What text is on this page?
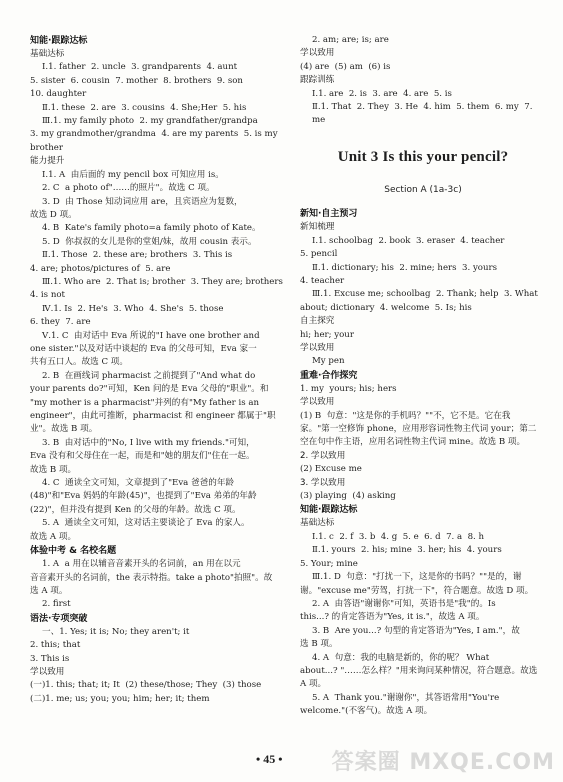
知能·跟踪达标
基础达标
Ⅰ.1. father  2. uncle  3. grandparents  4. aunt
5. sister  6. cousin  7. mother  8. brothers  9. son
10. daughter
Ⅱ.1. these  2. are  3. cousins  4. She;Her  5. his
Ⅲ.1. my family photo  2. my grandfather/grandpa
3. my grandmother/grandma  4. are my parents  5. is my
brother
能力提升
Ⅰ.1. A  由后面的 my pencil box 可知应用 is。
2. C  a photo of"……的照片"。故选 C 项。
3. D  由 Those 知动词应用 are，且宾语应为复数，
故选 D 项。
4. B  Kate's family photo=a family photo of Kate。
5. D  你叔叔的女儿是你的堂姐/妹，故用 cousin 表示。
Ⅱ.1. Those  2. these are; brothers  3. This is
4. are; photos/pictures of  5. are
Ⅲ.1. Who are  2. That is; brother  3. They are; brothers
4. is not
Ⅳ.1. Is  2. He's  3. Who  4. She's  5. those
6. they  7. are
Ⅴ.1. C  由对话中 Eva 所说的"I have one brother and
one sister."以及对话中谈起的 Eva 的父母可知，Eva 家一
共有五口人。故选 C 项。
2. B  在画线词 pharmacist 之前提到了"And what do
your parents do?"可知，Ken 问的是 Eva 父母的"职业"。和
"my mother is a pharmacist"并列的有"My father is an
engineer"，由此可推断，pharmacist 和 engineer 都属于"职
业"。故选 B 项。
3. B  由对话中的"No, I live with my friends."可知，
Eva 没有和父母住在一起，而是和"她的朋友们"住在一起。
故选 B 项。
4. C  通读全文可知，文章提到了"Eva 爸爸的年龄
(48)"和"Eva 妈妈的年龄(45)"，也提到了"Eva 弟弟的年龄
(22)"，但并没有提到 Ken 的父母的年龄。故选 C 项。
5. A  通读全文可知，这对话主要谈论了 Eva 的家人。
故选 A 项。
体验中考 & 名校名题
1. A  a 用在以辅音音素开头的名词前，an 用在以元
音音素开头的名词前，the 表示特指。take a photo"拍照"。故
选 A 项。
2. first
语法·专项突破
一、1. Yes; it is; No; they aren't; it
2. this; that
3. This is
学以致用
(一)1. this; that; it; It  (2) these/those; They  (3) those
(二)1. me; us; you; you; him; her; it; them
2. am; are; is; are
学以致用
(4) are  (5) am  (6) is
跟踪训练
Ⅰ.1. are  2. is  3. are  4. are  5. is
Ⅱ.1. That  2. They  3. He  4. him  5. them  6. my  7. me
Unit 3 Is this your pencil?
Section A (1a-3c)
新知·自主预习
新知梳理
Ⅰ.1. schoolbag  2. book  3. eraser  4. teacher
5. pencil
Ⅱ.1. dictionary; his  2. mine; hers  3. yours
4. teacher
Ⅲ.1. Excuse me; schoolbag  2. Thank; help  3. What
about; dictionary  4. welcome  5. Is; his
自主探究
hi; her; your
学以致用
My pen
重难·合作探究
1. my  yours; his; hers
学以致用
(1) B  句意："这是你的手机吗？""不，它不是。它在我
家。"第一空修饰 phone，应用形容词性物主代词 your；第二
空在句中作主语，应用名词性物主代词 mine。故选 B 项。
2. 学以致用
(2) Excuse me
3. 学以致用
(3) playing  (4) asking
知能·跟踪达标
基础达标
Ⅰ.1. c  2. f  3. b  4. g  5. e  6. d  7. a  8. h
Ⅱ.1. yours  2. his; mine  3. her; his  4. yours
5. Your; mine
Ⅲ.1. D  句意："打扰一下，这是你的书吗？""是的，谢
谢。"excuse me"劳驾，打扰一下"，符合题意。故选 D 项。
2. A  由答语"谢谢你"可知，英语书是"我"的。Is
this...? 的肯定答语为"Yes, it is."，故选 A 项。
3. B  Are you...? 句型的肯定答语为"Yes, I am."，故
选 B 项。
4. A  句意：我的电脑是新的，你的呢？ What
about...? "……怎么样？"用来询问某种情况，符合题意。故选
A 项。
5. A  Thank you."谢谢你"，其答语常用"You're
welcome."(不客气)。故选 A 项。
• 45 • 答案圈 MXQE.COM
